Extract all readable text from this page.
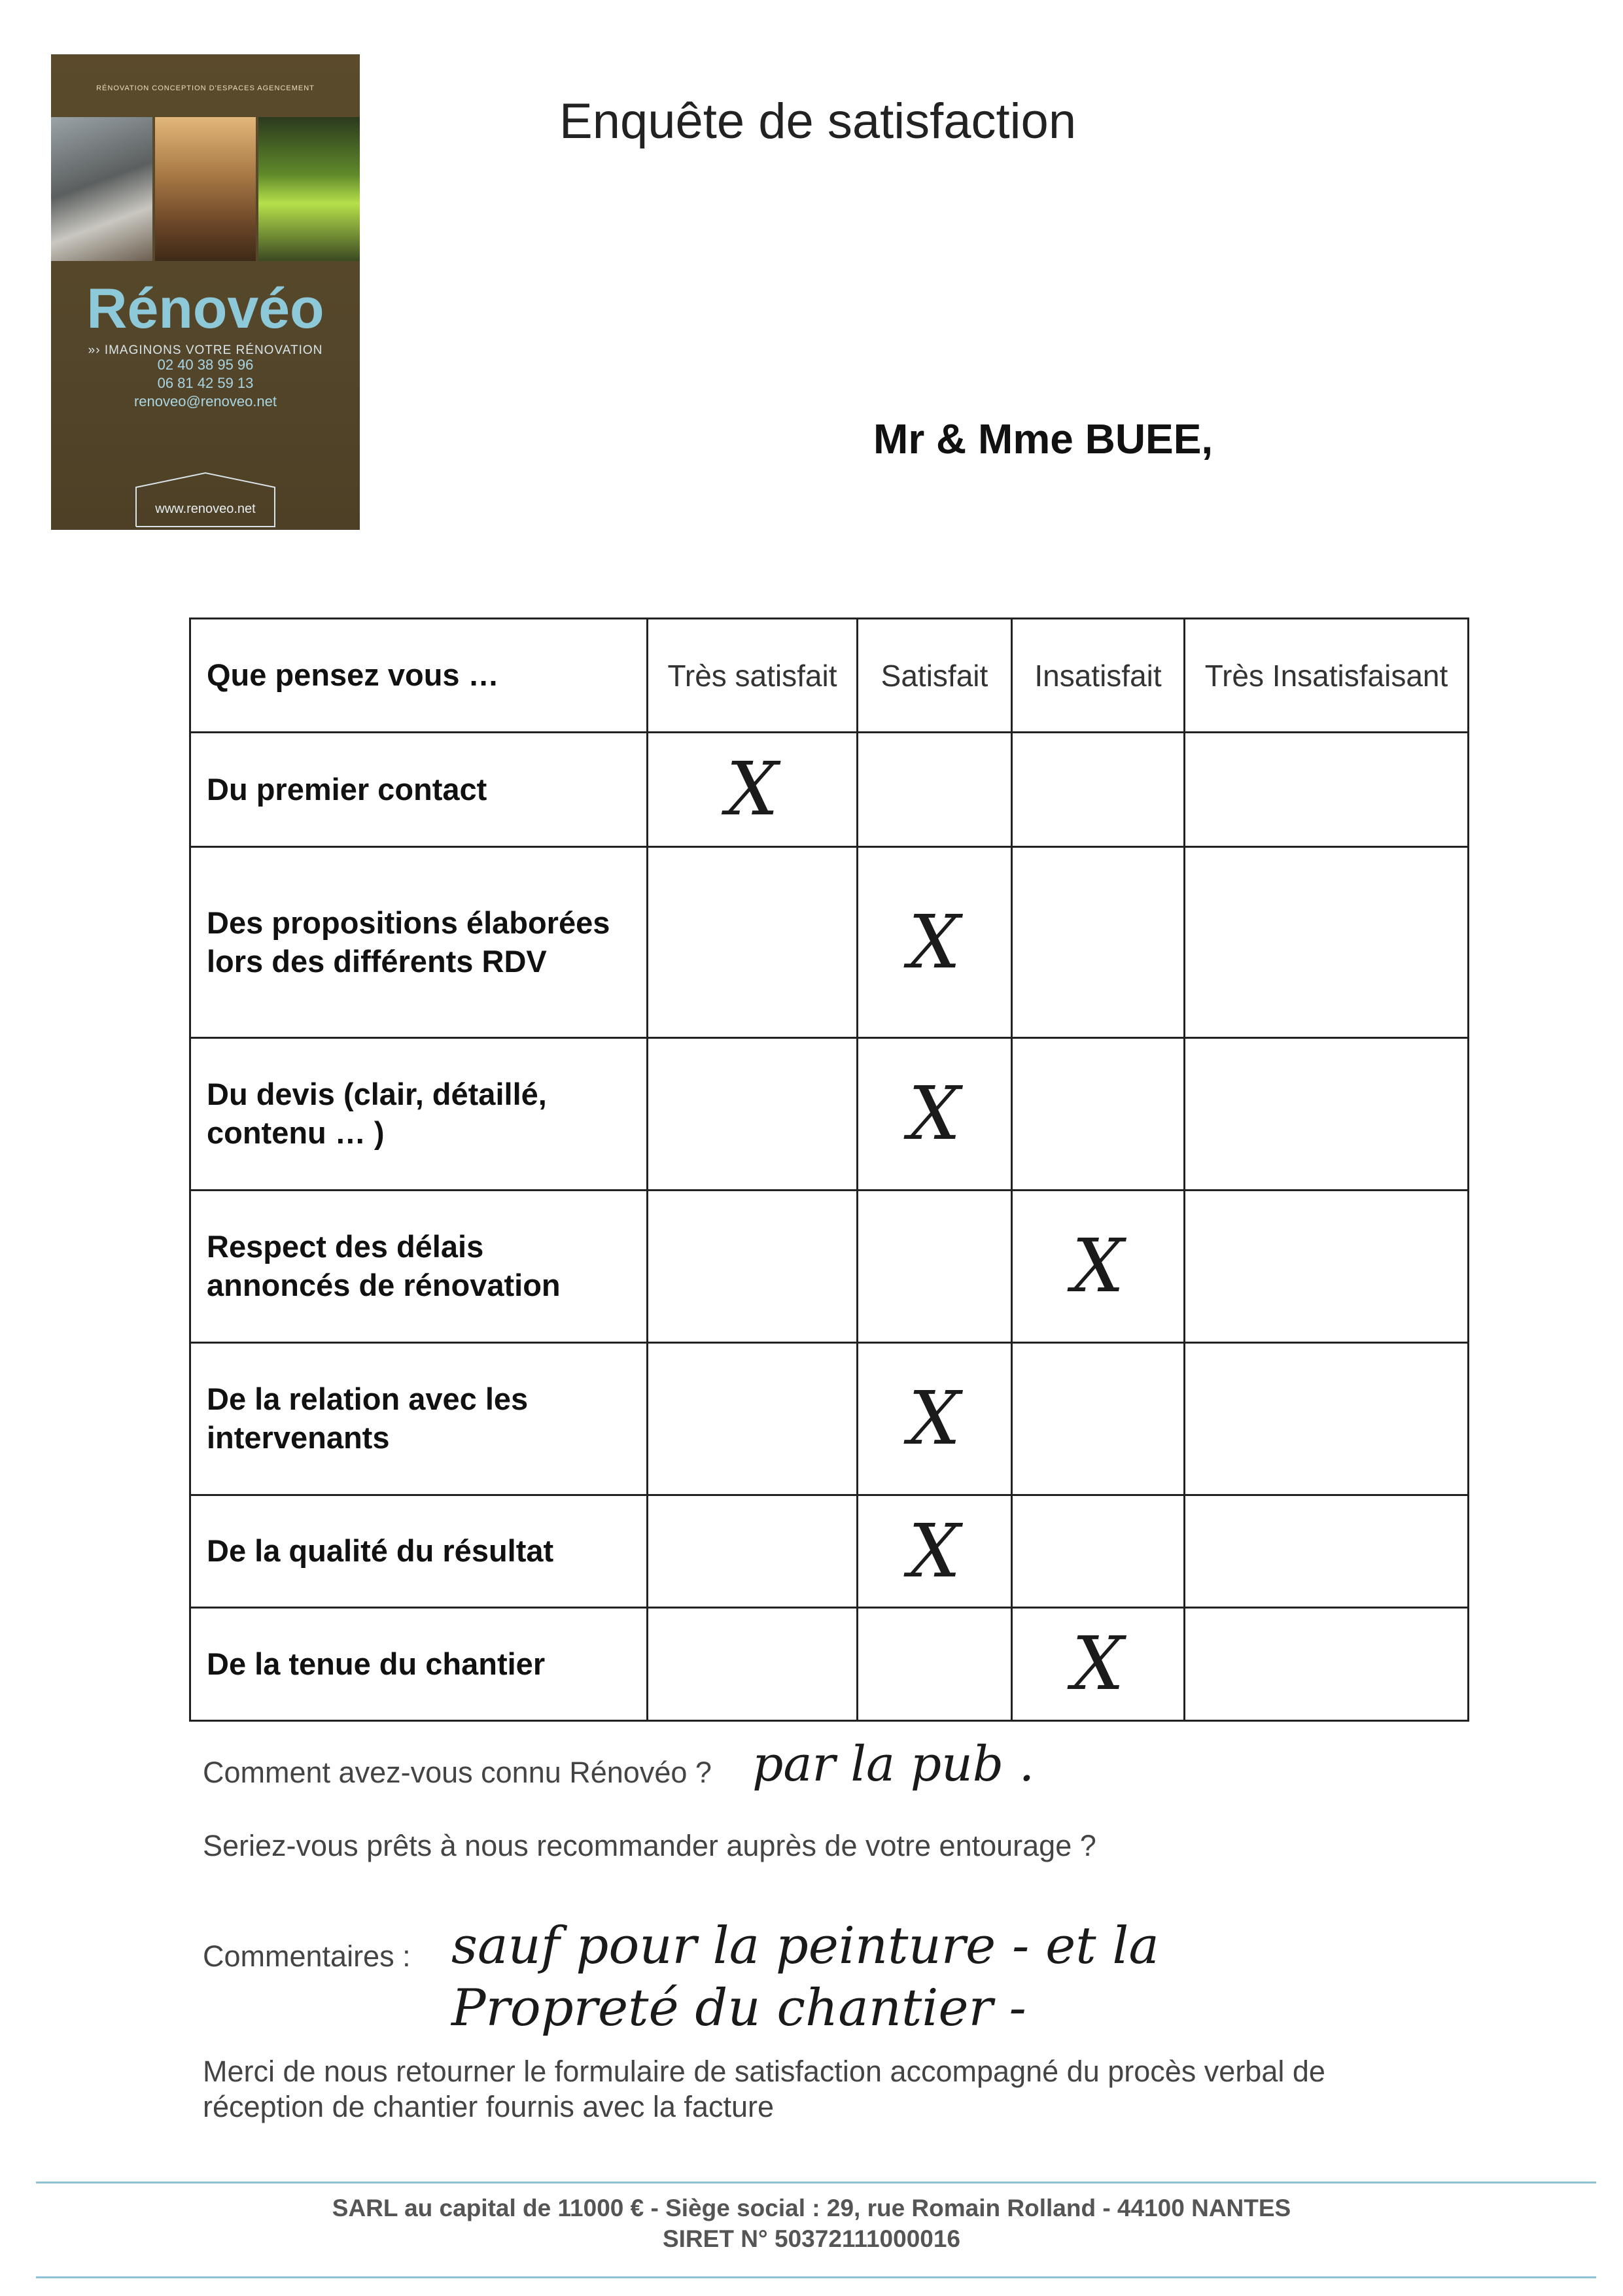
RÉNOVATION CONCEPTION D'ESPACES AGENCEMENT
Rénovéo
»› IMAGINONS VOTRE RÉNOVATION
02 40 38 95 96
06 81 42 59 13
renoveo@renoveo.net
www.renoveo.net
Enquête de satisfaction
Mr & Mme BUEE,
Que pensez vous …	Très satisfait	Satisfait	Insatisfait	Très Insatisfaisant
Du premier contact	X			
Des propositions élaborées lors des différents RDV		X		
Du devis (clair, détaillé, contenu … )		X		
Respect des délais annoncés de rénovation			X	
De la relation avec les intervenants		X		
De la qualité du résultat		X		
De la tenue du chantier			X	
Comment avez-vous connu Rénovéo ? par la pub .
Seriez-vous prêts à nous recommander auprès de votre entourage ?
Commentaires : sauf pour la peinture - et la
Propreté du chantier -
Merci de nous retourner le formulaire de satisfaction accompagné du procès verbal de réception de chantier fournis avec la facture
SARL au capital de 11000 € - Siège social : 29, rue Romain Rolland - 44100 NANTES
SIRET N° 50372111000016
